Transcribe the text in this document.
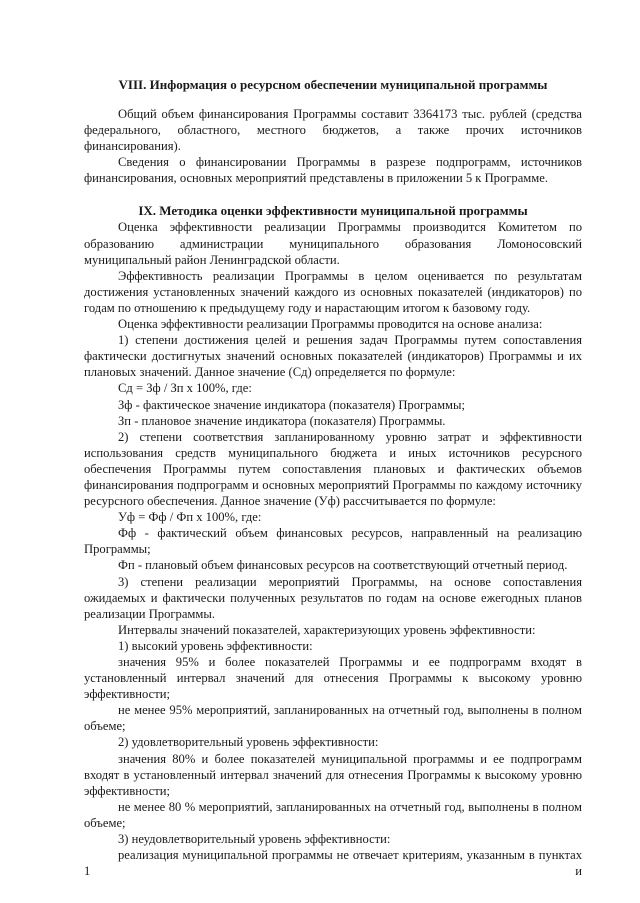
VIII. Информация о ресурсном обеспечении муниципальной программы

Общий объем финансирования Программы составит 3364173 тыс. рублей (средства федерального, областного, местного бюджетов, а также прочих источников финансирования).

Сведения о финансировании Программы в разрезе подпрограмм, источников финансирования, основных мероприятий представлены в приложении 5 к Программе.

IX. Методика оценки эффективности муниципальной программы

Оценка эффективности реализации Программы производится Комитетом по образованию администрации муниципального образования Ломоносовский муниципальный район Ленинградской области.

Эффективность реализации Программы в целом оценивается по результатам достижения установленных значений каждого из основных показателей (индикаторов) по годам по отношению к предыдущему году и нарастающим итогом к базовому году.

Оценка эффективности реализации Программы проводится на основе анализа:

1) степени достижения целей и решения задач Программы путем сопоставления фактически достигнутых значений основных показателей (индикаторов) Программы и их плановых значений. Данное значение (Сд) определяется по формуле:

Сд = Зф / Зп х 100%, где:

Зф - фактическое значение индикатора (показателя) Программы;

Зп - плановое значение индикатора (показателя) Программы.

2) степени соответствия запланированному уровню затрат и эффективности использования средств муниципального бюджета и иных источников ресурсного обеспечения Программы путем сопоставления плановых и фактических объемов финансирования подпрограмм и основных мероприятий Программы по каждому источнику ресурсного обеспечения. Данное значение (Уф) рассчитывается по формуле:

Уф = Фф / Фп х 100%, где:

Фф - фактический объем финансовых ресурсов, направленный на реализацию Программы;

Фп - плановый объем финансовых ресурсов на соответствующий отчетный период.

3) степени реализации мероприятий Программы, на основе сопоставления ожидаемых и фактически полученных результатов по годам на основе ежегодных планов реализации Программы.

Интервалы значений показателей, характеризующих уровень эффективности:

1) высокий уровень эффективности:

значения 95% и более показателей Программы и ее подпрограмм входят в установленный интервал значений для отнесения Программы к высокому уровню эффективности;

не менее 95% мероприятий, запланированных на отчетный год, выполнены в полном объеме;

2) удовлетворительный уровень эффективности:

значения 80% и более показателей муниципальной программы и ее подпрограмм входят в установленный интервал значений для отнесения Программы к высокому уровню эффективности;

не менее 80 % мероприятий, запланированных на отчетный год, выполнены в полном объеме;

3) неудовлетворительный уровень эффективности:

реализация муниципальной программы не отвечает критериям, указанным в пунктах 1 и
